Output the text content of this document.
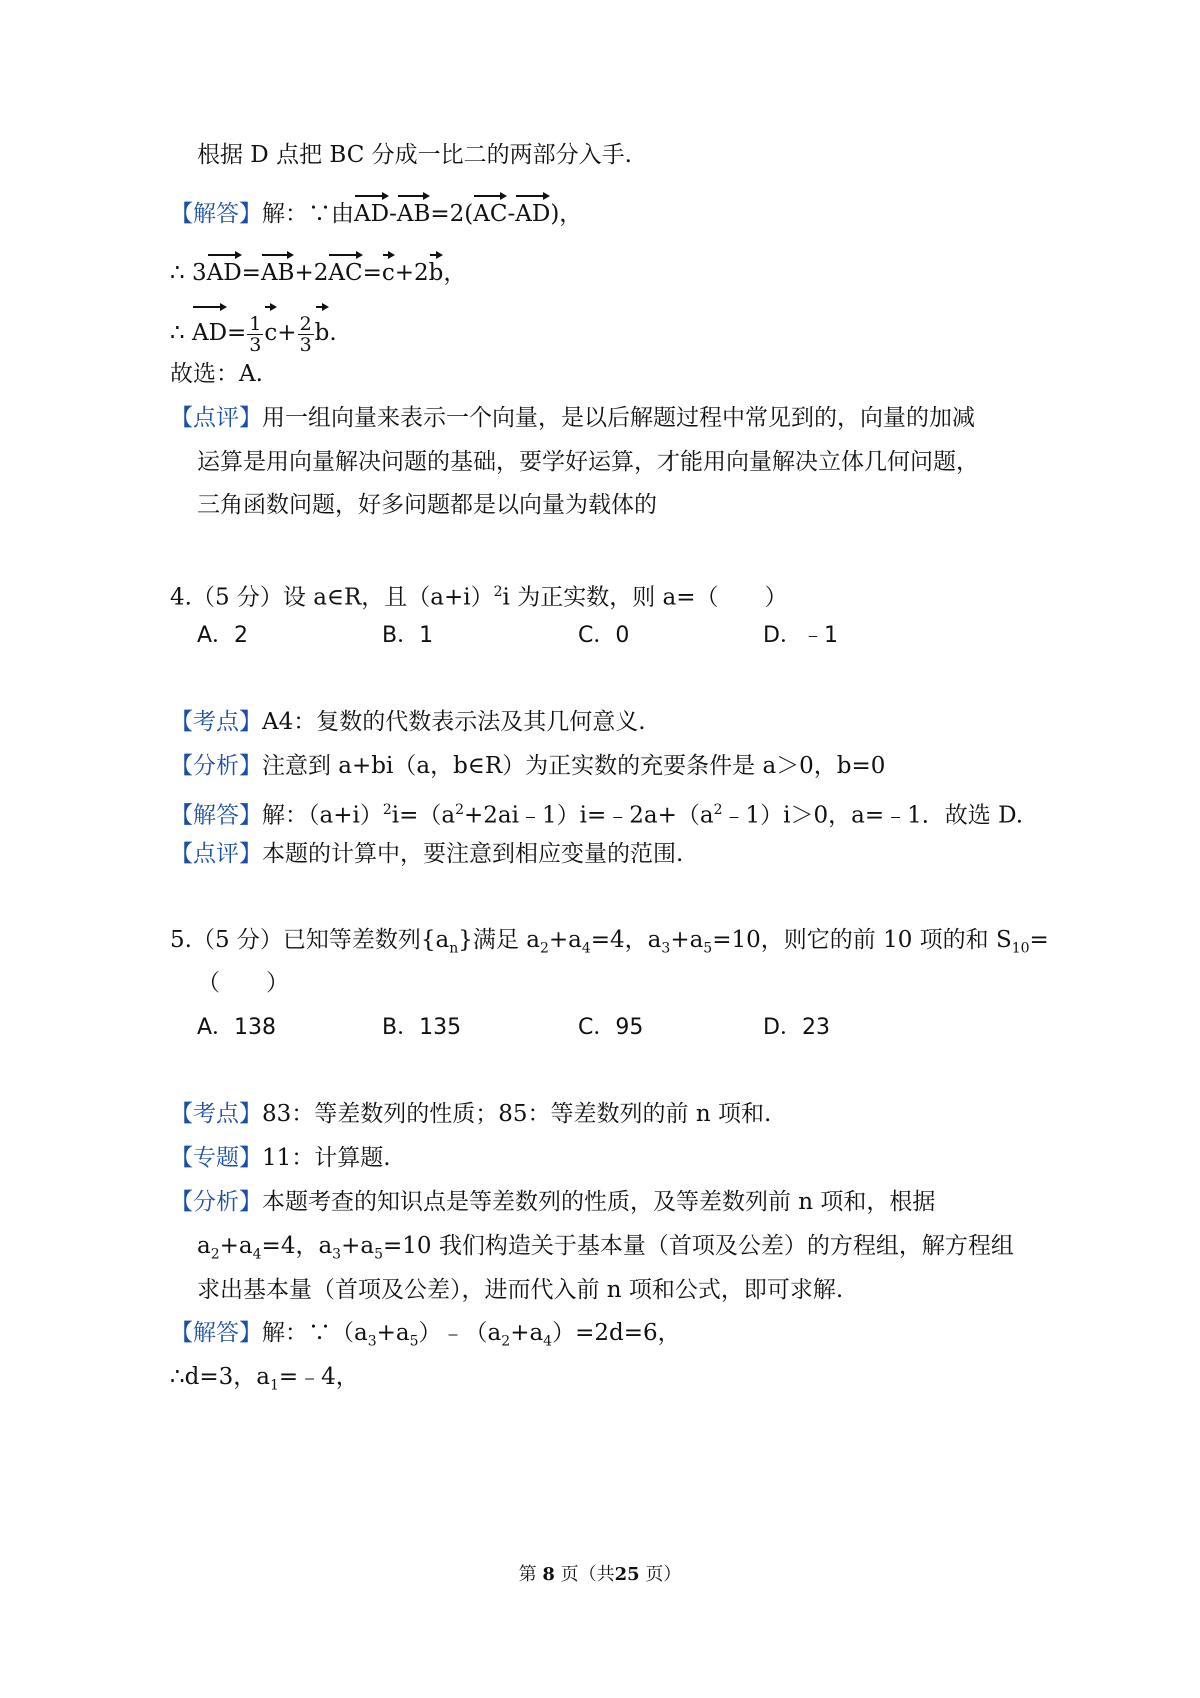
根据 D 点把 BC 分成一比二的两部分入手.
【解答】解：∵由AD-AB=2(AC-AD)，
∴ 3AD=AB+2AC=c+2b，
∴ $AD= \frac{1}{3} c+ \frac{2}{3} b$.
故选：A.
【点评】用一组向量来表示一个向量，是以后解题过程中常见到的，向量的加减
运算是用向量解决问题的基础，要学好运算，才能用向量解决立体几何问题，
三角函数问题，好多问题都是以向量为载体的
4.（5 分）设 a∈R，且$(a+i)^2i$ 为正实数，则 a=（　　）
A．2	B．1	C．0	D．﹣1
【考点】A4：复数的代数表示法及其几何意义.
【分析】注意到 a+bi（a，b∈R）为正实数的充要条件是 a＞0，b=0
【解答】解：$(a+i)^2i=(a^2+2ai﹣1)i=﹣2a+(a^2﹣1)i>0$，a=﹣1．故选 D.
【点评】本题的计算中，要注意到相应变量的范围.
5.（5 分）已知等差数列$\{a_n\}$满足 $a_2+a_4=4$，$a_3+a_5=10$，则它的前 10 项的和 $S_{10}=$
（　　）
A．138	B．135	C．95	D．23
【考点】83：等差数列的性质；85：等差数列的前 n 项和.
【专题】11：计算题.
【分析】本题考查的知识点是等差数列的性质，及等差数列前 n 项和，根据
$a_2+a_4=4$，$a_3+a_5=10$ 我们构造关于基本量（首项及公差）的方程组，解方程组
求出基本量（首项及公差），进而代入前 n 项和公式，即可求解.
【解答】解：$\because(a_3+a_5)﹣(a_2+a_4)=2d=6$，
∴d=3，$a_1=﹣4$，
第 8 页（共25 页）
